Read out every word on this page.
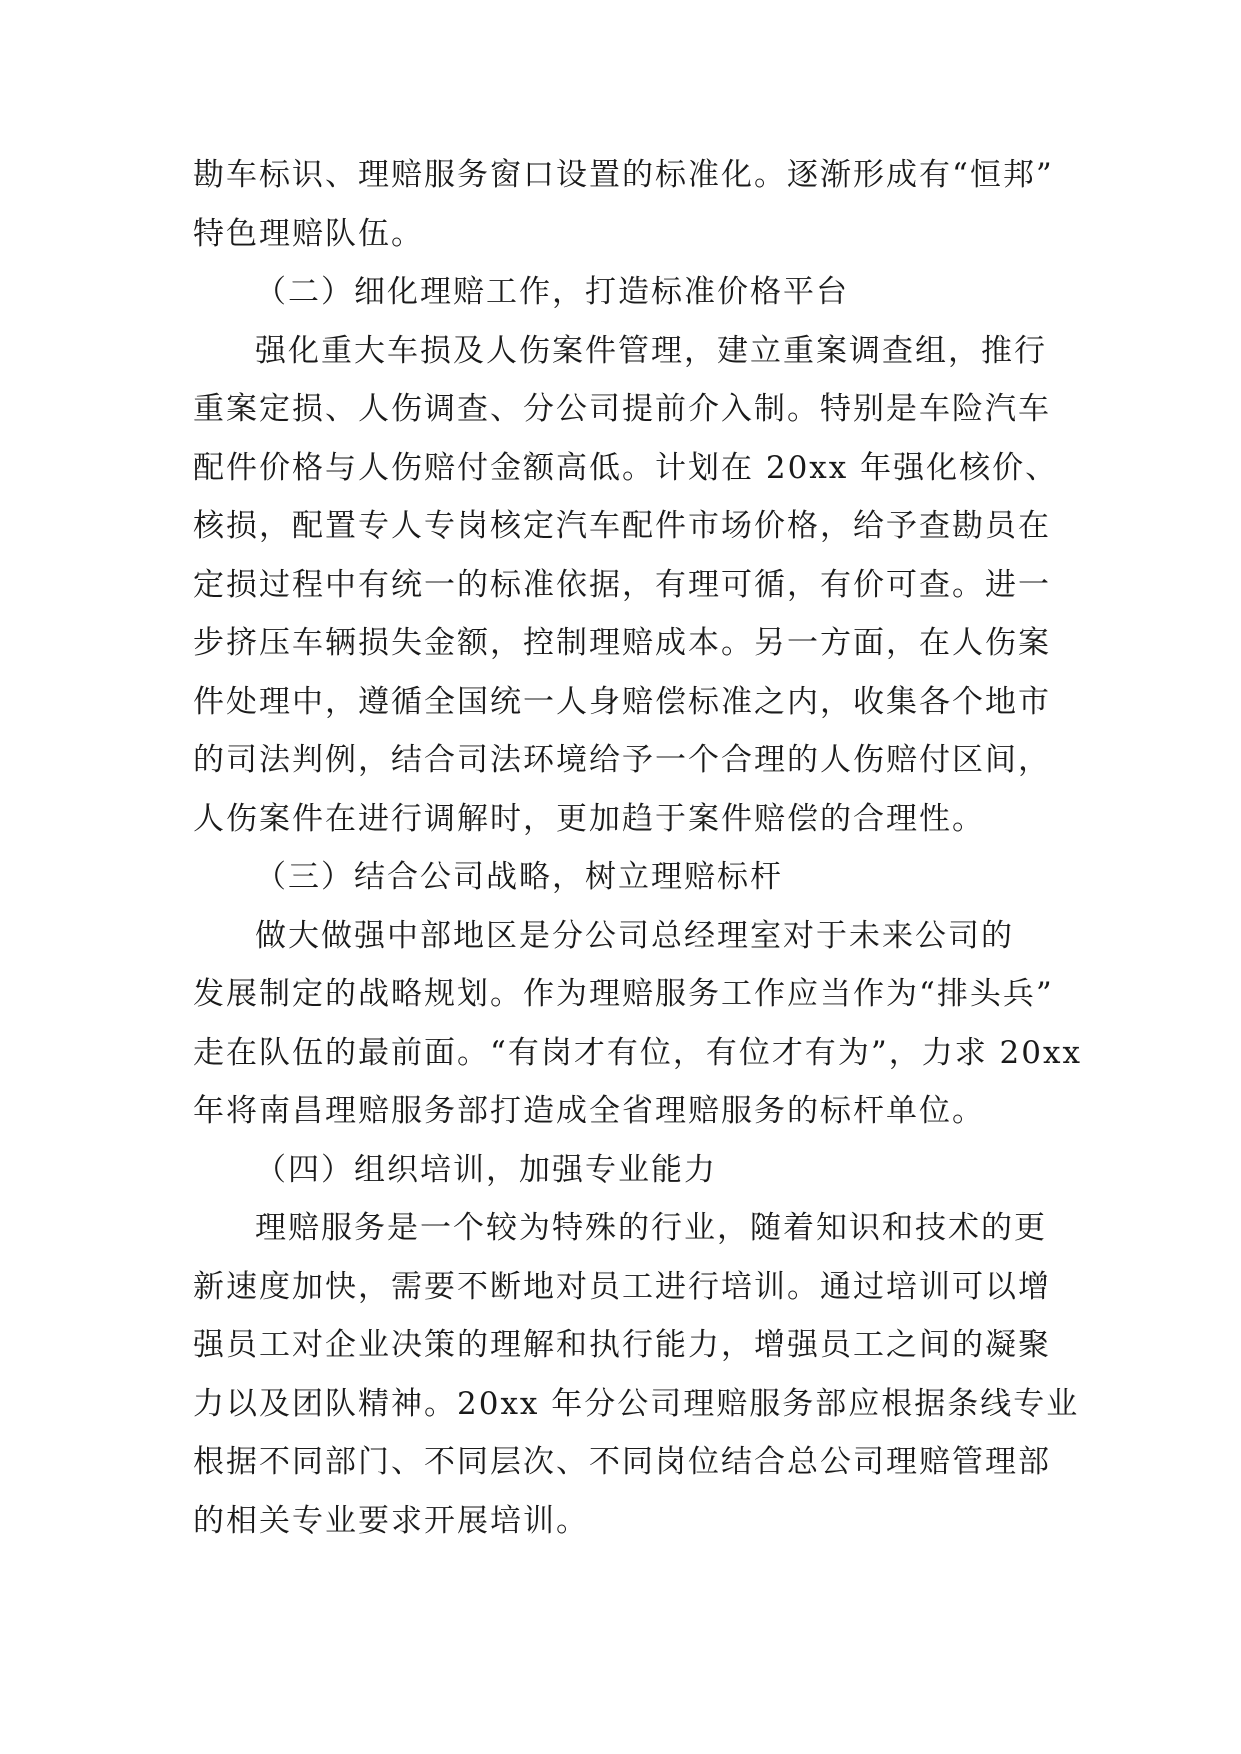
勘车标识、理赔服务窗口设置的标准化。逐渐形成有“恒邦”
特色理赔队伍。
（二）细化理赔工作，打造标准价格平台
强化重大车损及人伤案件管理，建立重案调查组，推行
重案定损、人伤调查、分公司提前介入制。特别是车险汽车
配件价格与人伤赔付金额高低。计划在 20xx 年强化核价、
核损，配置专人专岗核定汽车配件市场价格，给予查勘员在
定损过程中有统一的标准依据，有理可循，有价可查。进一
步挤压车辆损失金额，控制理赔成本。另一方面，在人伤案
件处理中，遵循全国统一人身赔偿标准之内，收集各个地市
的司法判例，结合司法环境给予一个合理的人伤赔付区间，
人伤案件在进行调解时，更加趋于案件赔偿的合理性。
（三）结合公司战略，树立理赔标杆
做大做强中部地区是分公司总经理室对于未来公司的
发展制定的战略规划。作为理赔服务工作应当作为“排头兵”
走在队伍的最前面。“有岗才有位，有位才有为”，力求 20xx
年将南昌理赔服务部打造成全省理赔服务的标杆单位。
（四）组织培训，加强专业能力
理赔服务是一个较为特殊的行业，随着知识和技术的更
新速度加快，需要不断地对员工进行培训。通过培训可以增
强员工对企业决策的理解和执行能力，增强员工之间的凝聚
力以及团队精神。20xx 年分公司理赔服务部应根据条线专业
根据不同部门、不同层次、不同岗位结合总公司理赔管理部
的相关专业要求开展培训。
